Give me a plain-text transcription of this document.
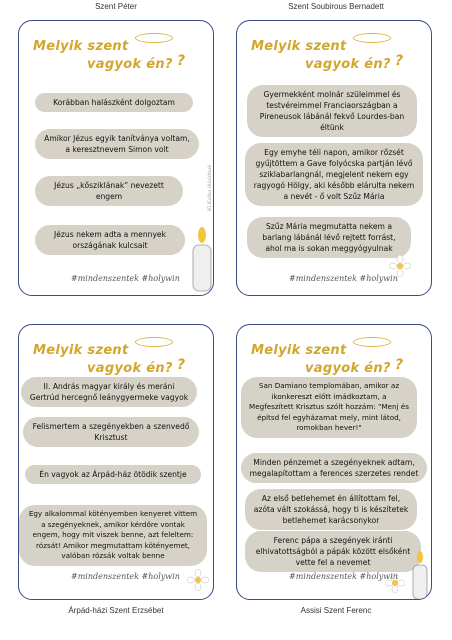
Szent Péter	Szent Soubirous Bernadett
Árpád-házi Szent Erzsébet	Assisi Szent Ferenc
Melyik szent
vagyok én? ?
Korábban halászként dolgoztam
Amikor Jézus egyik tanítványa voltam, a keresztnevem Simon volt
Jézus „kősziklának” nevezett engem
Jézus nekem adta a mennyek országának kulcsait
Ki Kalka ihlaldnak
#mindenszentek #holywin
Melyik szent
vagyok én? ?
Gyermekként molnár szüleimmel és testvéreimmel Franciaországban a Pireneusok lábánál fekvő Lourdes-ban éltünk
Egy emyhe téli napon, amikor rőzsét gyűjtöttem a Gave folyócska partján lévő sziklabarlangnál, megjelent nekem egy ragyogó Hölgy, aki később elárulta nekem a nevét - ő volt Szűz Mária
Szűz Mária megmutatta nekem a barlang lábánál lévő rejtett forrást, ahol ma is sokan meggyógyulnak
#mindenszentek #holywin
Melyik szent
vagyok én? ?
II. András magyar király és meráni Gertrúd hercegnő leánygyermeke vagyok
Felismertem a szegényekben a szenvedő Krisztust
Én vagyok az Árpád-ház ötödik szentje
Egy alkalommal kötényemben kenyeret vittem a szegényeknek, amikor kérdőre vontak engem, hogy mit viszek benne, azt feleltem: rózsát! Amikor megmutattam kötényemet, valóban rózsák voltak benne
#mindenszentek #holywin
Melyik szent
vagyok én? ?
San Damiano templomában, amikor az ikonkereszt előtt imádkoztam, a Megfeszített Krisztus szólt hozzám: "Menj és építsd fel egyházamat mely, mint látod, romokban hever!"
Minden pénzemet a szegényeknek adtam, megalapítottam a ferences szerzetes rendet
Az első betlehemet én állítottam fel, azóta vált szokássá, hogy ti is készítetek betlehemet karácsonykor
Ferenc pápa a szegények iránti elhivatottságból a pápák között elsőként vette fel a nevemet
#mindenszentek #holywin
